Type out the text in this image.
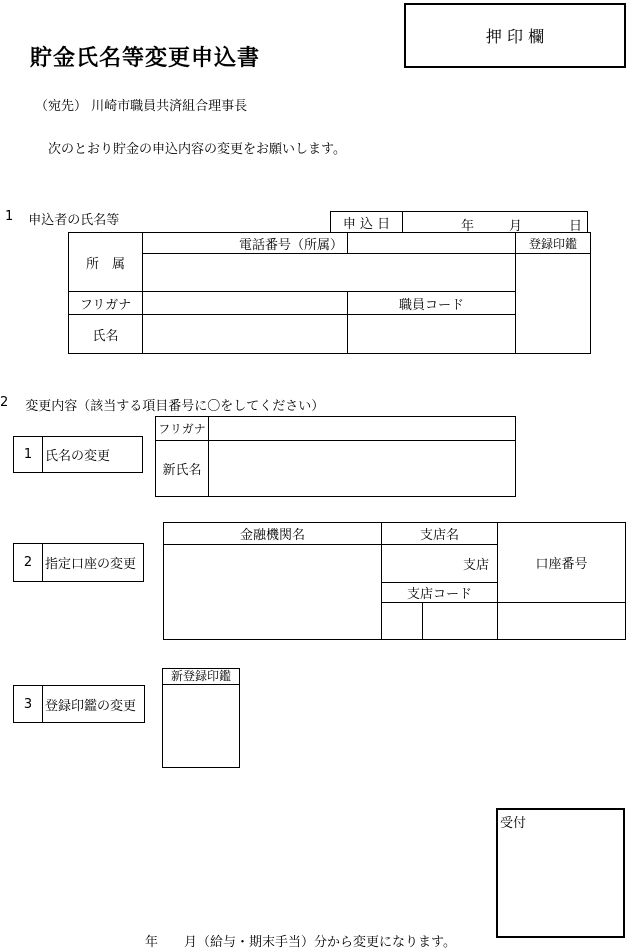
貯金氏名等変更申込書
押 印 欄
（宛先） 川崎市職員共済組合理事長
次のとおり貯金の申込内容の変更をお願いします。
1 申込者の氏名等	申 込 日	年	月	日
所　属	電話番号（所属）		登録印鑑

フリガナ		職員コード	
氏名			
2 変更内容（該当する項目番号に〇をしてください）
1 氏名の変更
フリガナ	
新氏名	
2 指定口座の変更
金融機関名	支店名		口座番号
	支店		
	支店コード		

3 登録印鑑の変更
新登録印鑑
受付
年　　月（給与・期末手当）分から変更になります。
